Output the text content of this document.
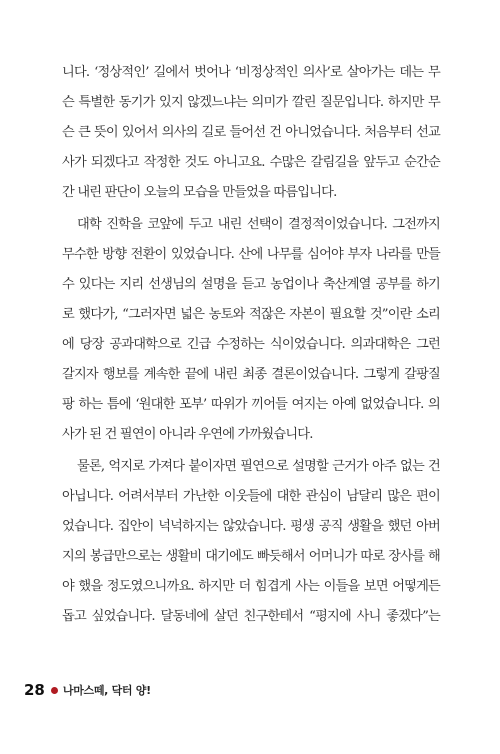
니다. ‘정상적인’ 길에서 벗어나 ‘비정상적인 의사’로 살아가는 데는 무
슨 특별한 동기가 있지 않겠느냐는 의미가 깔린 질문입니다. 하지만 무
슨 큰 뜻이 있어서 의사의 길로 들어선 건 아니었습니다. 처음부터 선교
사가 되겠다고 작정한 것도 아니고요. 수많은 갈림길을 앞두고 순간순
간 내린 판단이 오늘의 모습을 만들었을 따름입니다.
대학 진학을 코앞에 두고 내린 선택이 결정적이었습니다. 그전까지
무수한 방향 전환이 있었습니다. 산에 나무를 심어야 부자 나라를 만들
수 있다는 지리 선생님의 설명을 듣고 농업이나 축산계열 공부를 하기
로 했다가, “그러자면 넓은 농토와 적잖은 자본이 필요할 것”이란 소리
에 당장 공과대학으로 긴급 수정하는 식이었습니다. 의과대학은 그런
갈지자 행보를 계속한 끝에 내린 최종 결론이었습니다. 그렇게 갈팡질
팡 하는 틈에 ‘원대한 포부’ 따위가 끼어들 여지는 아예 없었습니다. 의
사가 된 건 필연이 아니라 우연에 가까웠습니다.
물론, 억지로 가져다 붙이자면 필연으로 설명할 근거가 아주 없는 건
아닙니다. 어려서부터 가난한 이웃들에 대한 관심이 남달리 많은 편이
었습니다. 집안이 넉넉하지는 않았습니다. 평생 공직 생활을 했던 아버
지의 봉급만으로는 생활비 대기에도 빠듯해서 어머니가 따로 장사를 해
야 했을 정도였으니까요. 하지만 더 힘겹게 사는 이들을 보면 어떻게든
돕고 싶었습니다. 달동네에 살던 친구한테서 “평지에 사니 좋겠다”는
28 나마스떼, 닥터 양!
